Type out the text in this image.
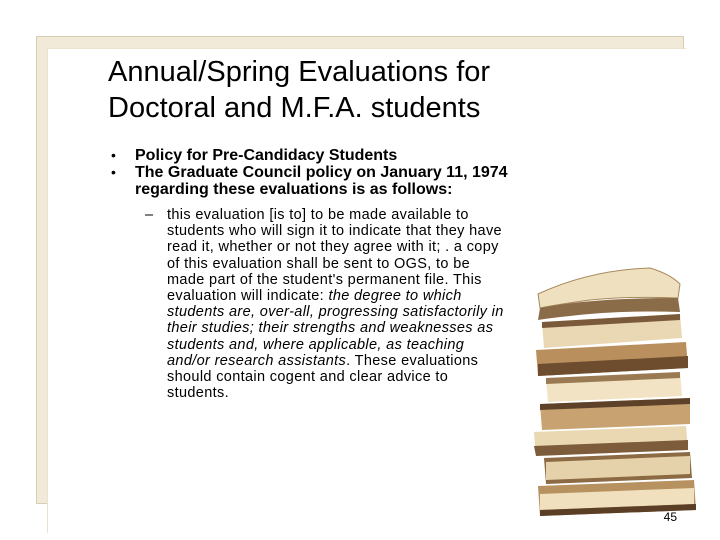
Annual/Spring Evaluations for
Doctoral and M.F.A. students
• Policy for Pre-Candidacy Students
• The Graduate Council policy on January 11, 1974 regarding these evaluations is as follows:
– this evaluation [is to] to be made available to students who will sign it to indicate that they have read it, whether or not they agree with it; . a copy of this evaluation shall be sent to OGS, to be made part of the student's permanent file. This evaluation will indicate: the degree to which students are, over-all, progressing satisfactorily in their studies; their strengths and weaknesses as students and, where applicable, as teaching and/or research assistants. These evaluations should contain cogent and clear advice to students.
45
